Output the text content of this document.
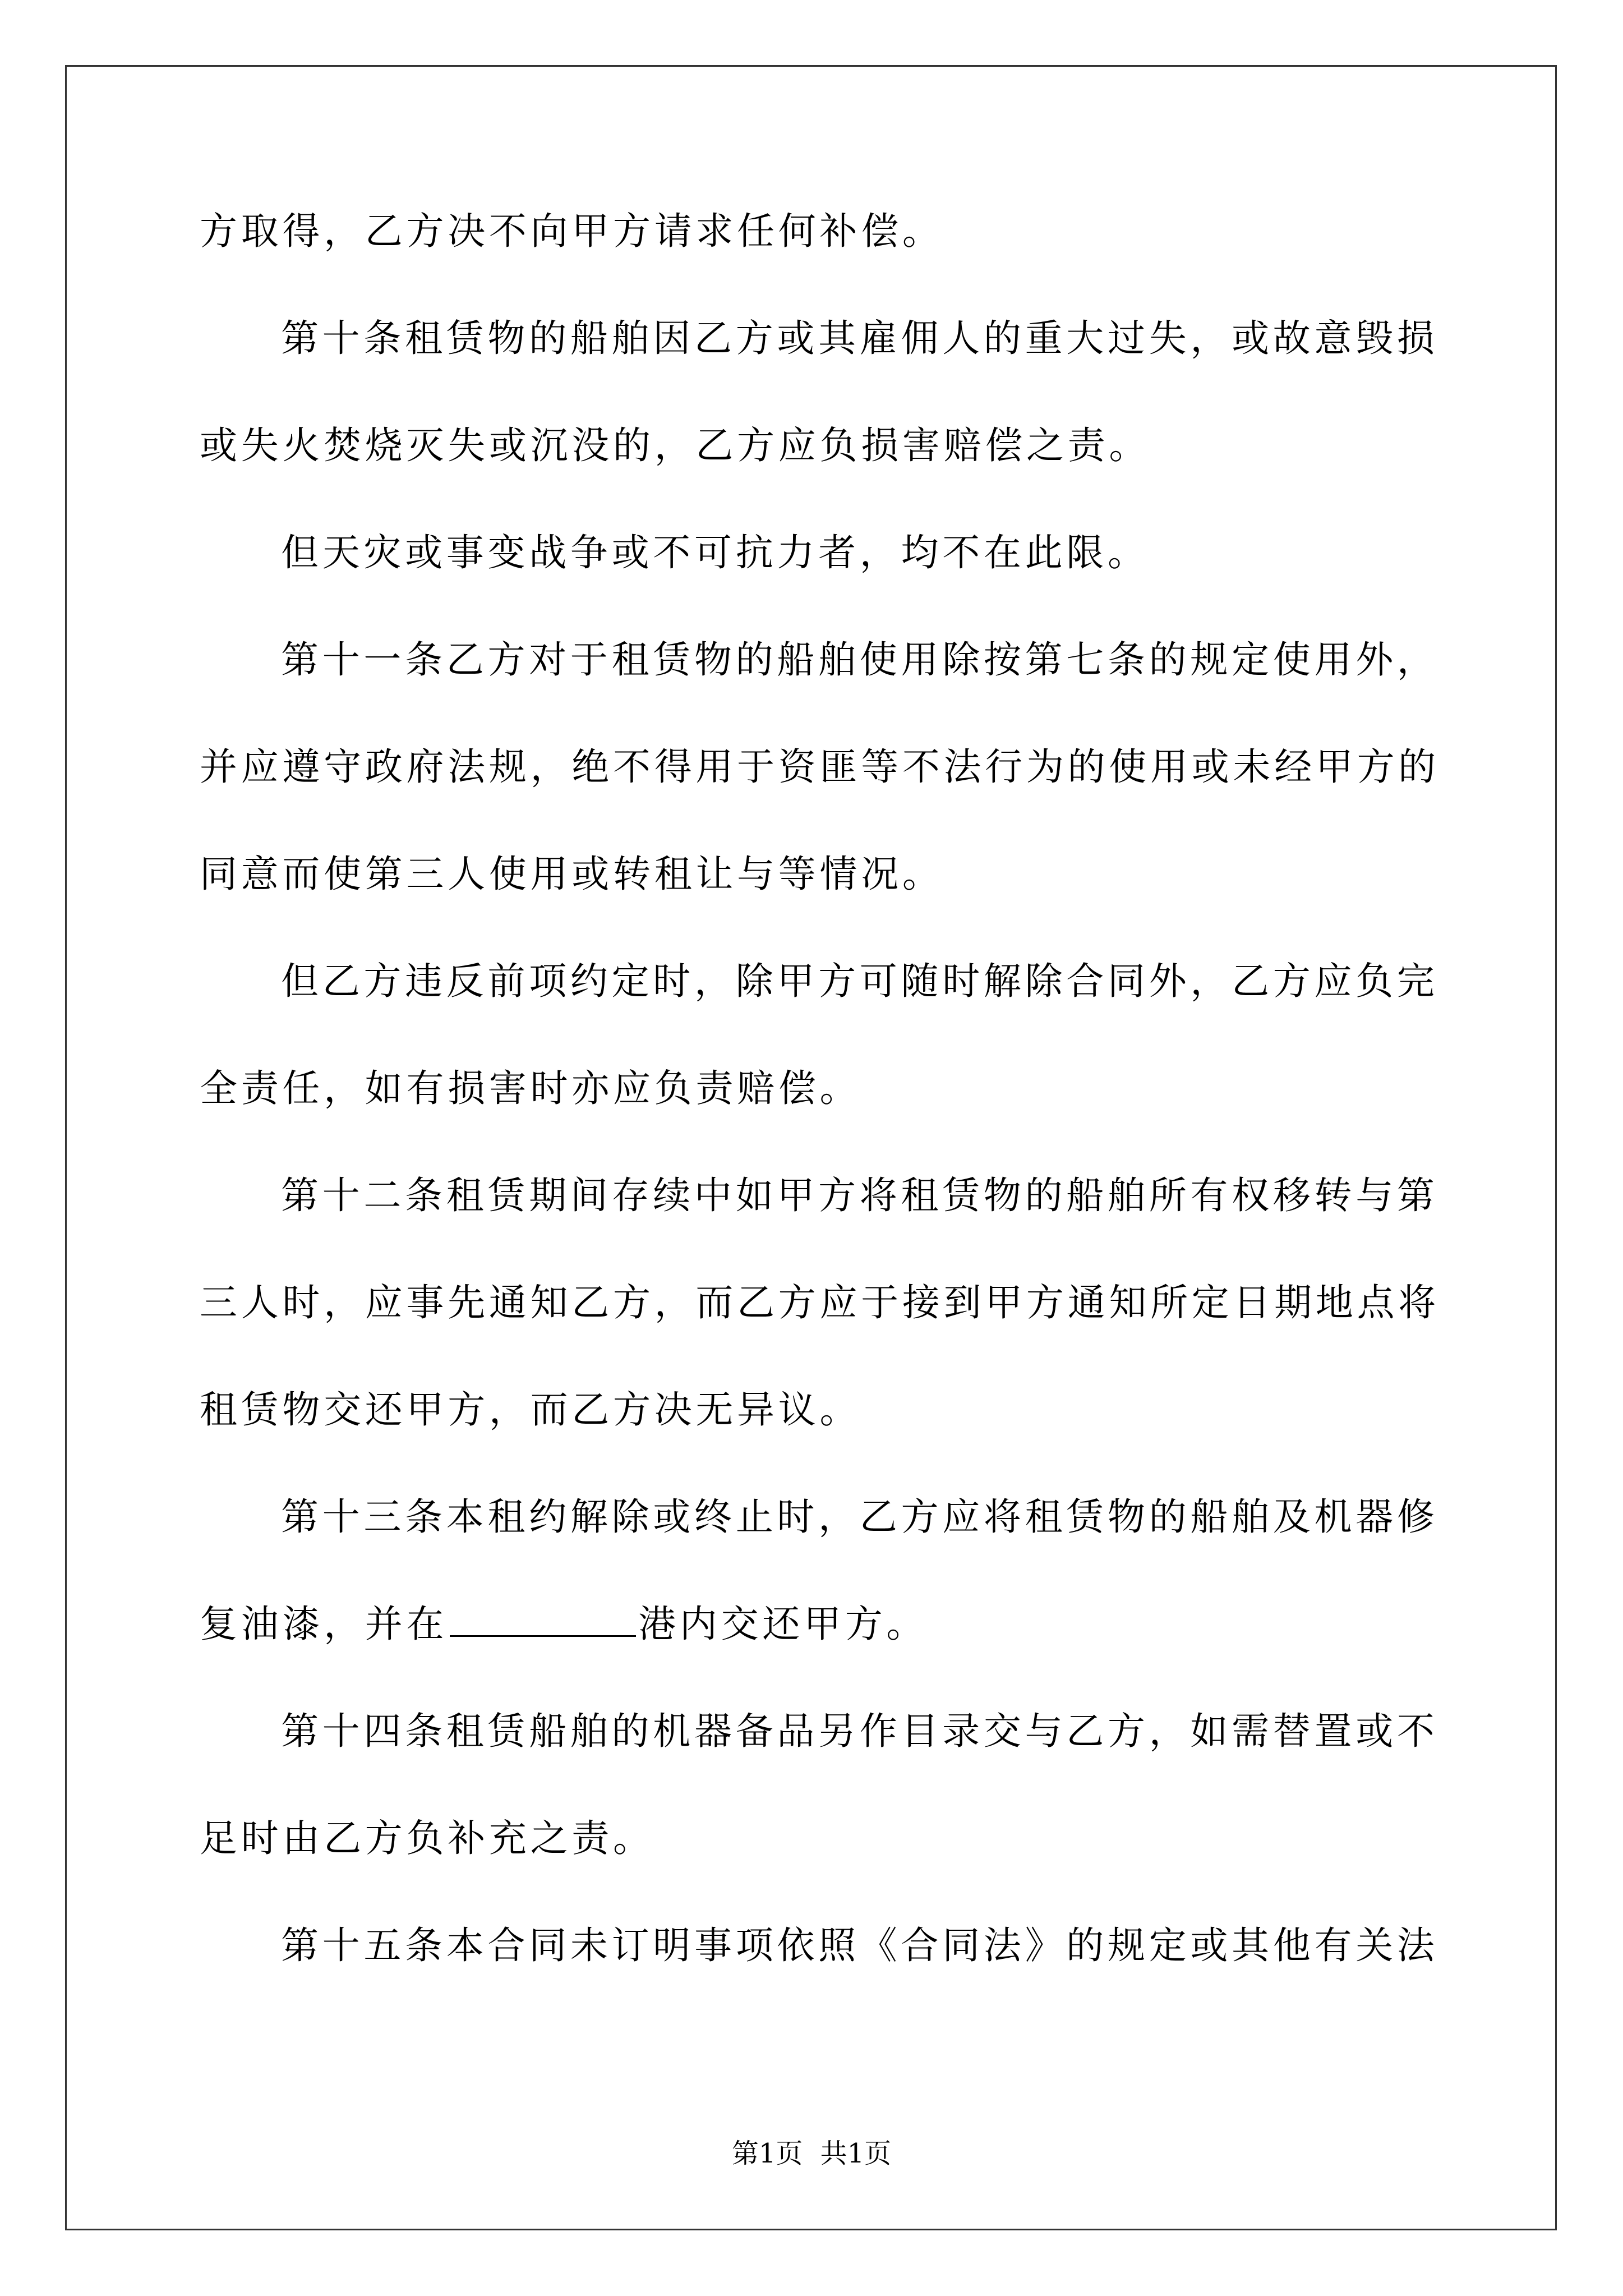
方取得，乙方决不向甲方请求任何补偿。
第十条租赁物的船舶因乙方或其雇佣人的重大过失，或故意毁损
或失火焚烧灭失或沉没的，乙方应负损害赔偿之责。
但天灾或事变战争或不可抗力者，均不在此限。
第十一条乙方对于租赁物的船舶使用除按第七条的规定使用外，
并应遵守政府法规，绝不得用于资匪等不法行为的使用或未经甲方的
同意而使第三人使用或转租让与等情况。
但乙方违反前项约定时，除甲方可随时解除合同外，乙方应负完
全责任，如有损害时亦应负责赔偿。
第十二条租赁期间存续中如甲方将租赁物的船舶所有权移转与第
三人时，应事先通知乙方，而乙方应于接到甲方通知所定日期地点将
租赁物交还甲方，而乙方决无异议。
第十三条本租约解除或终止时，乙方应将租赁物的船舶及机器修
复油漆，并在	港内交还甲方。
第十四条租赁船舶的机器备品另作目录交与乙方，如需替置或不
足时由乙方负补充之责。
第十五条本合同未订明事项依照《合同法》的规定或其他有关法
第1页 共1页
